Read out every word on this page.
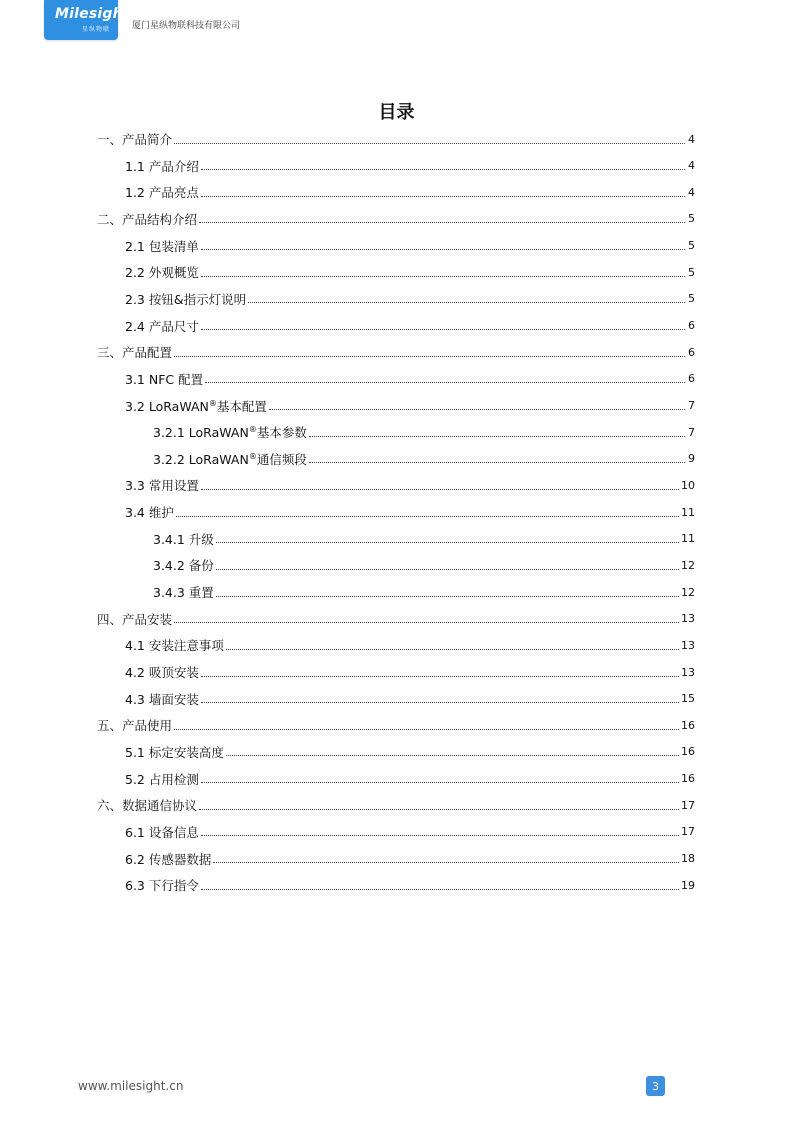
Milesight
星纵物联 厦门星纵物联科技有限公司
目录
一、产品简介	4
1.1 产品介绍	4
1.2 产品亮点	4
二、产品结构介绍	5
2.1 包装清单	5
2.2 外观概览	5
2.3 按钮&指示灯说明	5
2.4 产品尺寸	6
三、产品配置	6
3.1 NFC 配置	6
3.2 LoRaWAN®基本配置	7
3.2.1 LoRaWAN®基本参数	7
3.2.2 LoRaWAN®通信频段	9
3.3 常用设置	10
3.4 维护	11
3.4.1 升级	11
3.4.2 备份	12
3.4.3 重置	12
四、产品安装	13
4.1 安装注意事项	13
4.2 吸顶安装	13
4.3 墙面安装	15
五、产品使用	16
5.1 标定安装高度	16
5.2 占用检测	16
六、数据通信协议	17
6.1 设备信息	17
6.2 传感器数据	18
6.3 下行指令	19
www.milesight.cn	3
